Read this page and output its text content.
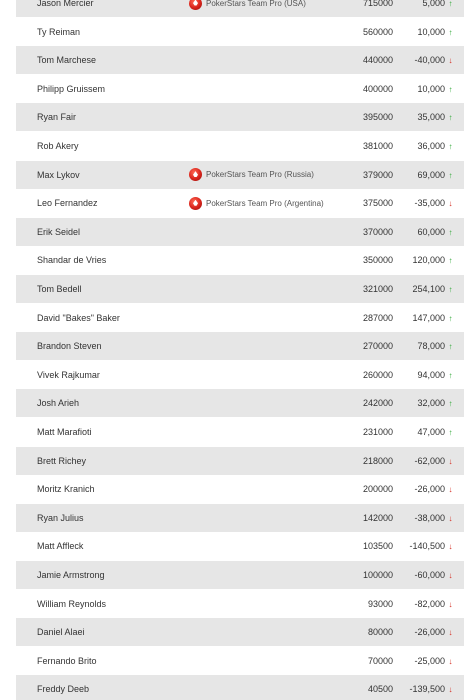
Jason Mercier	PokerStars Team Pro (USA)	715000	5,000 ↑
Ty Reiman	560000	10,000 ↑
Tom Marchese	440000 -40,000 ↓
Philipp Gruissem	400000	10,000 ↑
Ryan Fair	395000	35,000 ↑
Rob Akery	381000	36,000 ↑
Max Lykov	PokerStars Team Pro (Russia)	379000	69,000 ↑
Leo Fernandez	PokerStars Team Pro (Argentina)	375000 -35,000 ↓
Erik Seidel	370000	60,000 ↑
Shandar de Vries	350000 120,000 ↑
Tom Bedell	321000 254,100 ↑
David "Bakes" Baker	287000 147,000 ↑
Brandon Steven	270000	78,000 ↑
Vivek Rajkumar	260000	94,000 ↑
Josh Arieh	242000	32,000 ↑
Matt Marafioti	231000	47,000 ↑
Brett Richey	218000 -62,000 ↓
Moritz Kranich	200000 -26,000 ↓
Ryan Julius	142000 -38,000 ↓
Matt Affleck	103500 -140,500 ↓
Jamie Armstrong	100000 -60,000 ↓
William Reynolds	93000 -82,000 ↓
Daniel Alaei	80000 -26,000 ↓
Fernando Brito	70000 -25,000 ↓
Freddy Deeb	40500 -139,500 ↓
